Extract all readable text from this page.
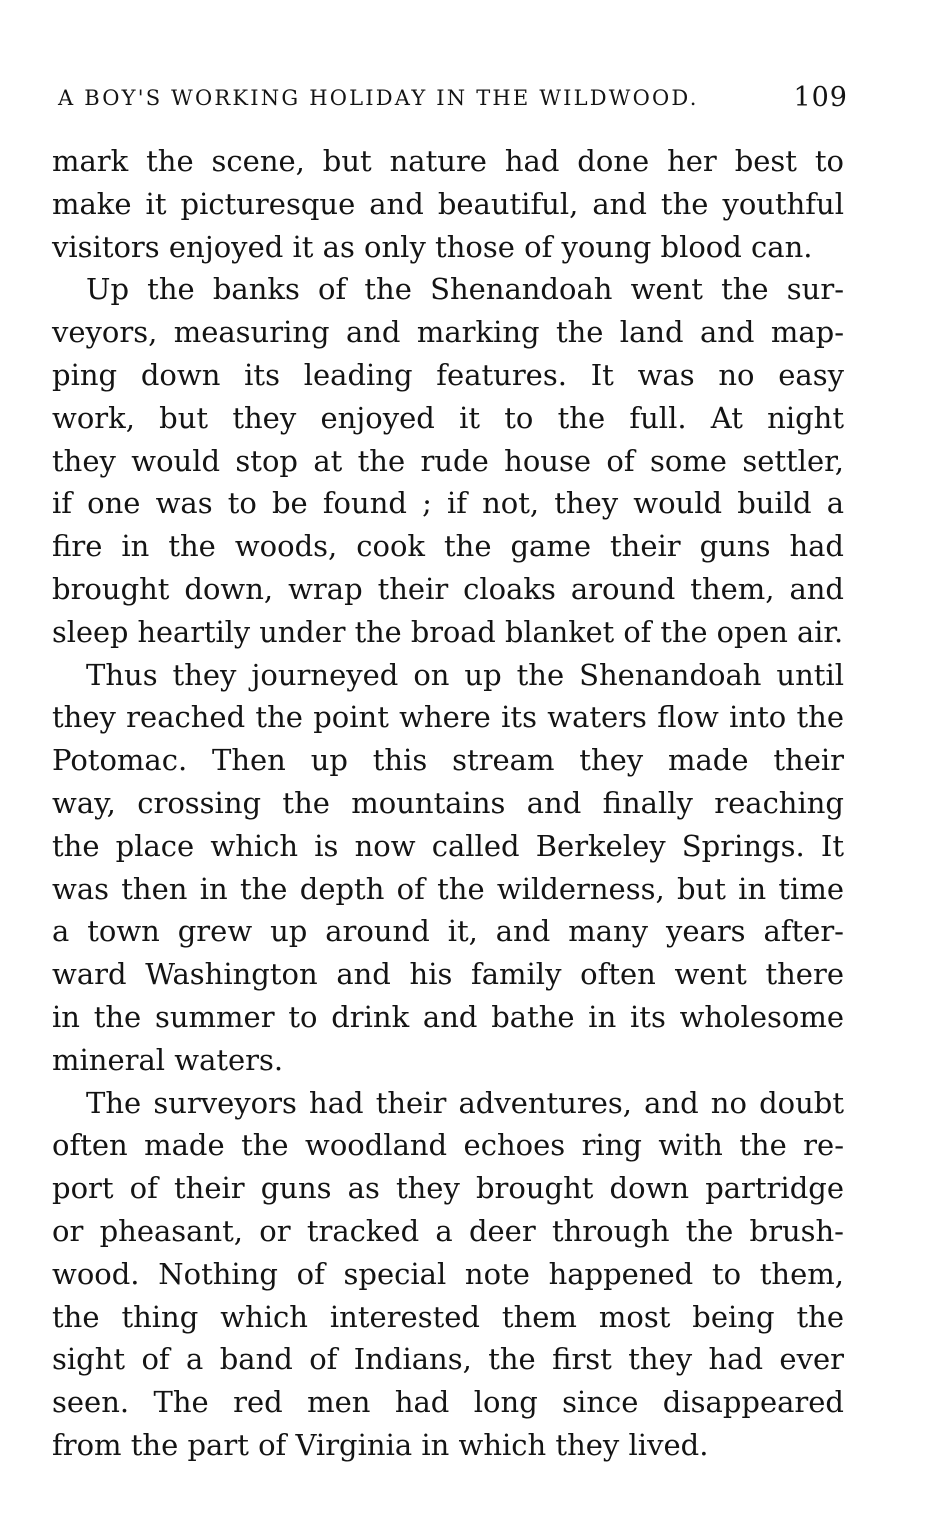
A BOY'S WORKING HOLIDAY IN THE WILDWOOD.	109
mark the scene, but nature had done her best to
make it picturesque and beautiful, and the youthful
visitors enjoyed it as only those of young blood can.
Up the banks of the Shenandoah went the sur-
veyors, measuring and marking the land and map-
ping down its leading features. It was no easy
work, but they enjoyed it to the full. At night
they would stop at the rude house of some settler,
if one was to be found ; if not, they would build a
fire in the woods, cook the game their guns had
brought down, wrap their cloaks around them, and
sleep heartily under the broad blanket of the open air.
Thus they journeyed on up the Shenandoah until
they reached the point where its waters flow into the
Potomac. Then up this stream they made their
way, crossing the mountains and finally reaching
the place which is now called Berkeley Springs. It
was then in the depth of the wilderness, but in time
a town grew up around it, and many years after-
ward Washington and his family often went there
in the summer to drink and bathe in its wholesome
mineral waters.
The surveyors had their adventures, and no doubt
often made the woodland echoes ring with the re-
port of their guns as they brought down partridge
or pheasant, or tracked a deer through the brush-
wood. Nothing of special note happened to them,
the thing which interested them most being the
sight of a band of Indians, the first they had ever
seen. The red men had long since disappeared
from the part of Virginia in which they lived.
